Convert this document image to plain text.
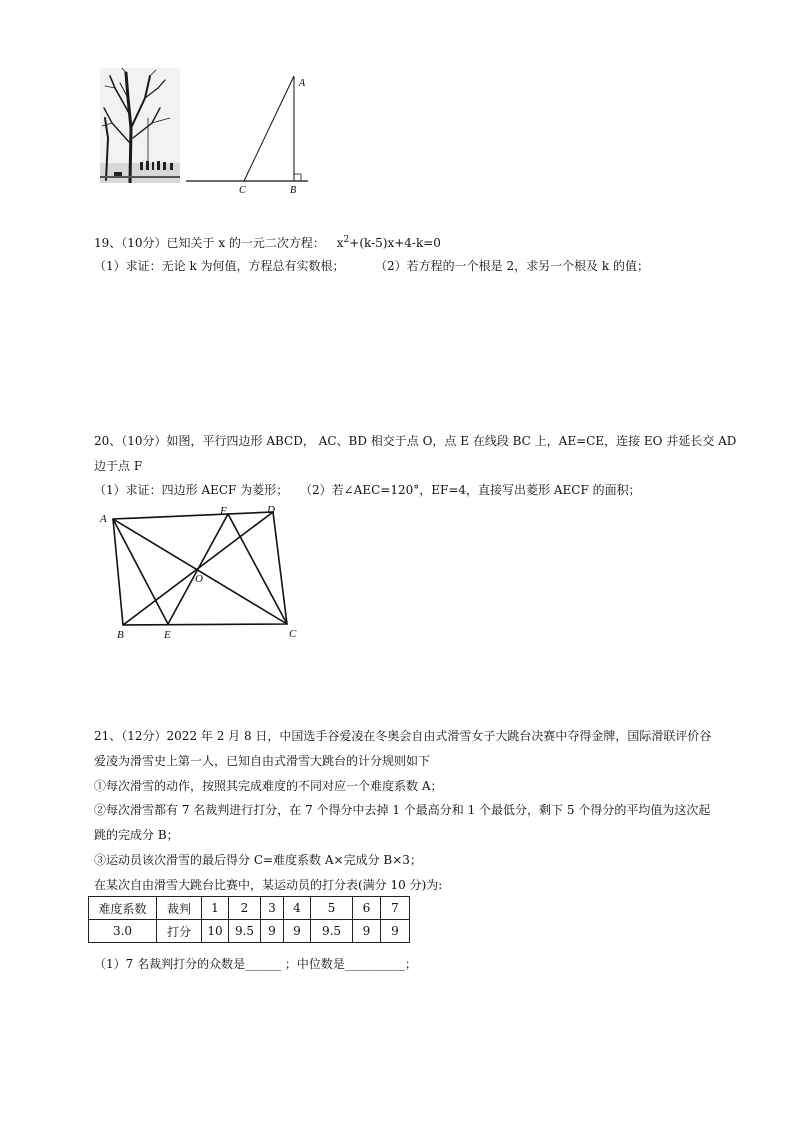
A
B
C
19、（10分）已知关于 x 的一元二次方程： $x^2+(k-5)x+4-k=0$
（1）求证：无论 k 为何值，方程总有实数根；	（2）若方程的一个根是 2，求另一个根及 k 的值；
20、（10分）如图，平行四边形 ABCD， AC、BD 相交于点 O，点 E 在线段 BC 上，AE=CE，连接 EO 并延长交 AD
边于点 F
（1）求证：四边形 AECF 为菱形； （2）若∠AEC=120°，EF=4，直接写出菱形 AECF 的面积；
A
B	C
D
E
F
O
21、（12分）2022 年 2 月 8 日，中国选手谷爱凌在冬奥会自由式滑雪女子大跳台决赛中夺得金牌，国际滑联评价谷
爱凌为滑雪史上第一人，已知自由式滑雪大跳台的计分规则如下
①每次滑雪的动作，按照其完成难度的不同对应一个难度系数 A；
②每次滑雪都有 7 名裁判进行打分，在 7 个得分中去掉 1 个最高分和 1 个最低分，剩下 5 个得分的平均值为这次起
跳的完成分 B；
③运动员该次滑雪的最后得分 C=难度系数 A×完成分 B×3；
在某次自由滑雪大跳台比赛中，某运动员的打分表(满分 10 分)为:
难度系数	裁判	1	2	3	4	5	6	7
3.0	打分	10	9.5	9	9	9.5	9	9
（1）7 名裁判打分的众数是______ ；中位数是__________；
